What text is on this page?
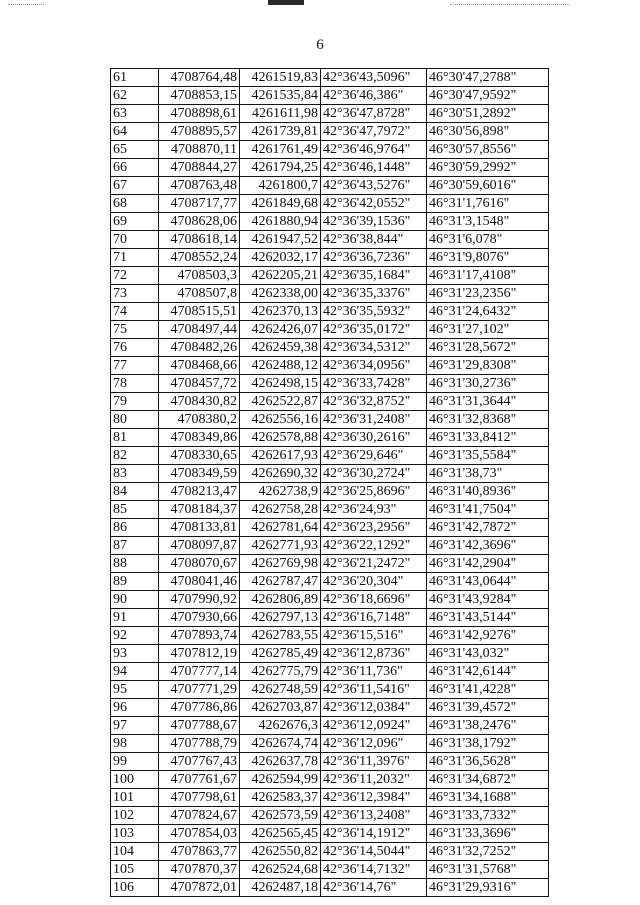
6
61	4708764,48	4261519,83	42°36'43,5096"	46°30'47,2788"
62	4708853,15	4261535,84	42°36'46,386"	46°30'47,9592"
63	4708898,61	4261611,98	42°36'47,8728"	46°30'51,2892"
64	4708895,57	4261739,81	42°36'47,7972"	46°30'56,898"
65	4708870,11	4261761,49	42°36'46,9764"	46°30'57,8556"
66	4708844,27	4261794,25	42°36'46,1448"	46°30'59,2992"
67	4708763,48	4261800,7	42°36'43,5276"	46°30'59,6016"
68	4708717,77	4261849,68	42°36'42,0552"	46°31'1,7616"
69	4708628,06	4261880,94	42°36'39,1536"	46°31'3,1548"
70	4708618,14	4261947,52	42°36'38,844"	46°31'6,078"
71	4708552,24	4262032,17	42°36'36,7236"	46°31'9,8076"
72	4708503,3	4262205,21	42°36'35,1684"	46°31'17,4108"
73	4708507,8	4262338,00	42°36'35,3376"	46°31'23,2356"
74	4708515,51	4262370,13	42°36'35,5932"	46°31'24,6432"
75	4708497,44	4262426,07	42°36'35,0172"	46°31'27,102"
76	4708482,26	4262459,38	42°36'34,5312"	46°31'28,5672"
77	4708468,66	4262488,12	42°36'34,0956"	46°31'29,8308"
78	4708457,72	4262498,15	42°36'33,7428"	46°31'30,2736"
79	4708430,82	4262522,87	42°36'32,8752"	46°31'31,3644"
80	4708380,2	4262556,16	42°36'31,2408"	46°31'32,8368"
81	4708349,86	4262578,88	42°36'30,2616"	46°31'33,8412"
82	4708330,65	4262617,93	42°36'29,646"	46°31'35,5584"
83	4708349,59	4262690,32	42°36'30,2724"	46°31'38,73"
84	4708213,47	4262738,9	42°36'25,8696"	46°31'40,8936"
85	4708184,37	4262758,28	42°36'24,93"	46°31'41,7504"
86	4708133,81	4262781,64	42°36'23,2956"	46°31'42,7872"
87	4708097,87	4262771,93	42°36'22,1292"	46°31'42,3696"
88	4708070,67	4262769,98	42°36'21,2472"	46°31'42,2904"
89	4708041,46	4262787,47	42°36'20,304"	46°31'43,0644"
90	4707990,92	4262806,89	42°36'18,6696"	46°31'43,9284"
91	4707930,66	4262797,13	42°36'16,7148"	46°31'43,5144"
92	4707893,74	4262783,55	42°36'15,516"	46°31'42,9276"
93	4707812,19	4262785,49	42°36'12,8736"	46°31'43,032"
94	4707777,14	4262775,79	42°36'11,736"	46°31'42,6144"
95	4707771,29	4262748,59	42°36'11,5416"	46°31'41,4228"
96	4707786,86	4262703,87	42°36'12,0384"	46°31'39,4572"
97	4707788,67	4262676,3	42°36'12,0924"	46°31'38,2476"
98	4707788,79	4262674,74	42°36'12,096"	46°31'38,1792"
99	4707767,43	4262637,78	42°36'11,3976"	46°31'36,5628"
100	4707761,67	4262594,99	42°36'11,2032"	46°31'34,6872"
101	4707798,61	4262583,37	42°36'12,3984"	46°31'34,1688"
102	4707824,67	4262573,59	42°36'13,2408"	46°31'33,7332"
103	4707854,03	4262565,45	42°36'14,1912"	46°31'33,3696"
104	4707863,77	4262550,82	42°36'14,5044"	46°31'32,7252"
105	4707870,37	4262524,68	42°36'14,7132"	46°31'31,5768"
106	4707872,01	4262487,18	42°36'14,76"	46°31'29,9316"
